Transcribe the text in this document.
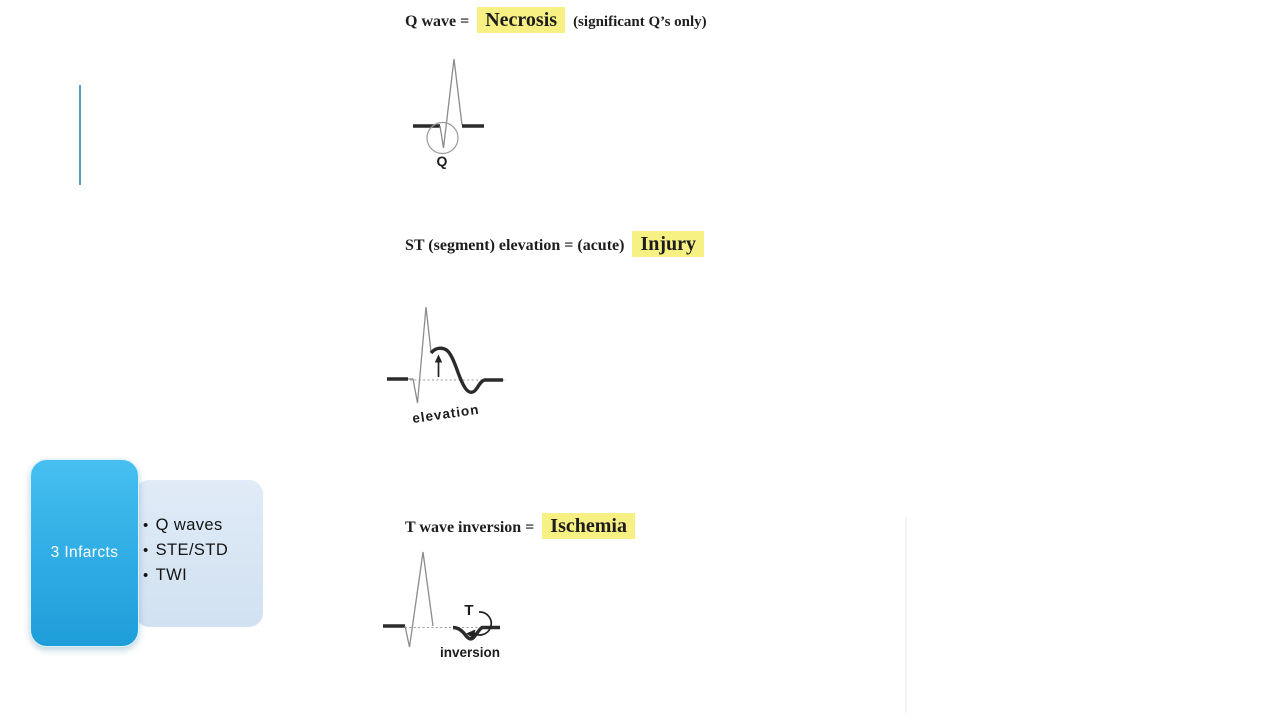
Q wave = Necrosis (significant Q’s only)
Q
ST (segment) elevation = (acute) Injury
elevation
T wave inversion = Ischemia
T
inversion
• Q waves
• STE/STD
• TWI
3 Infarcts
